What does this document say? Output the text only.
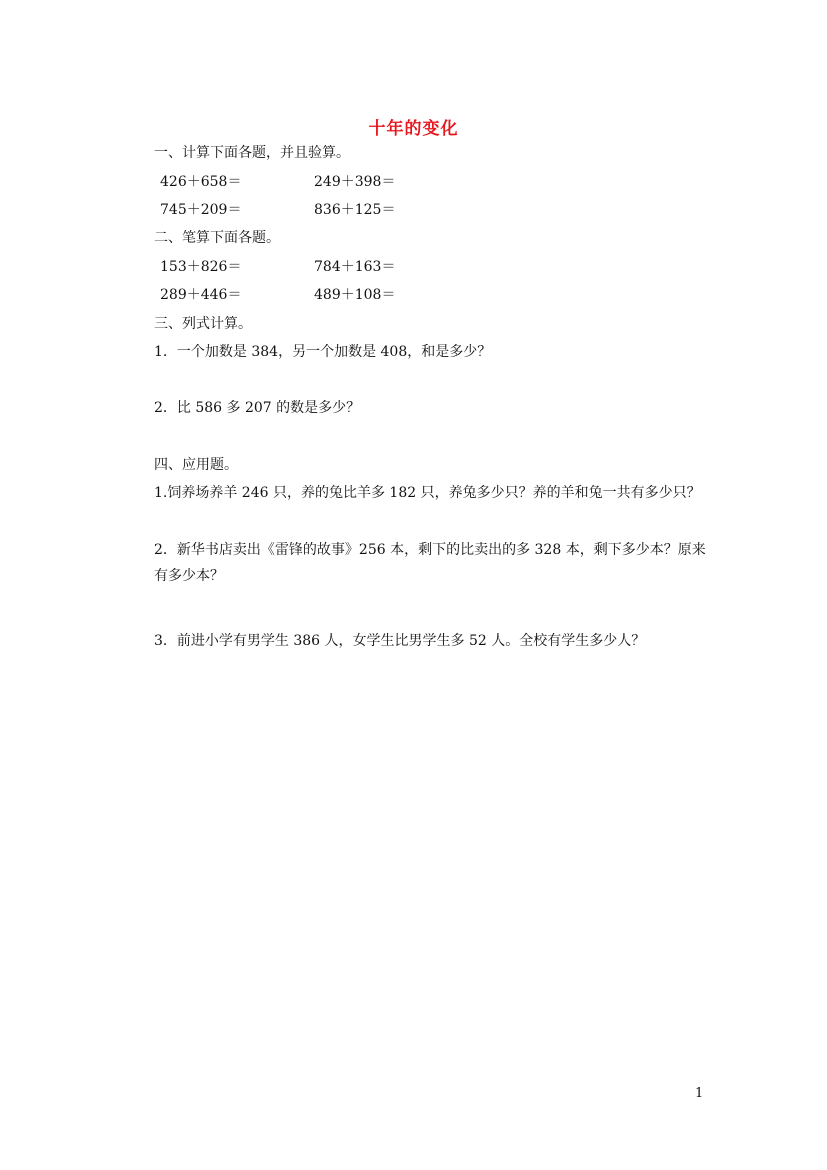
十年的变化
一、计算下面各题，并且验算。
426＋658＝	249＋398＝
745＋209＝	836＋125＝
二、笔算下面各题。
153＋826＝	784＋163＝
289＋446＝	489＋108＝
三、列式计算。
1．一个加数是 384，另一个加数是 408，和是多少？
2．比 586 多 207 的数是多少？
四、应用题。
1.饲养场养羊 246 只，养的兔比羊多 182 只，养兔多少只？养的羊和兔一共有多少只？
2．新华书店卖出《雷锋的故事》256 本，剩下的比卖出的多 328 本，剩下多少本？原来有多少本？
3．前进小学有男学生 386 人，女学生比男学生多 52 人。全校有学生多少人？
1
